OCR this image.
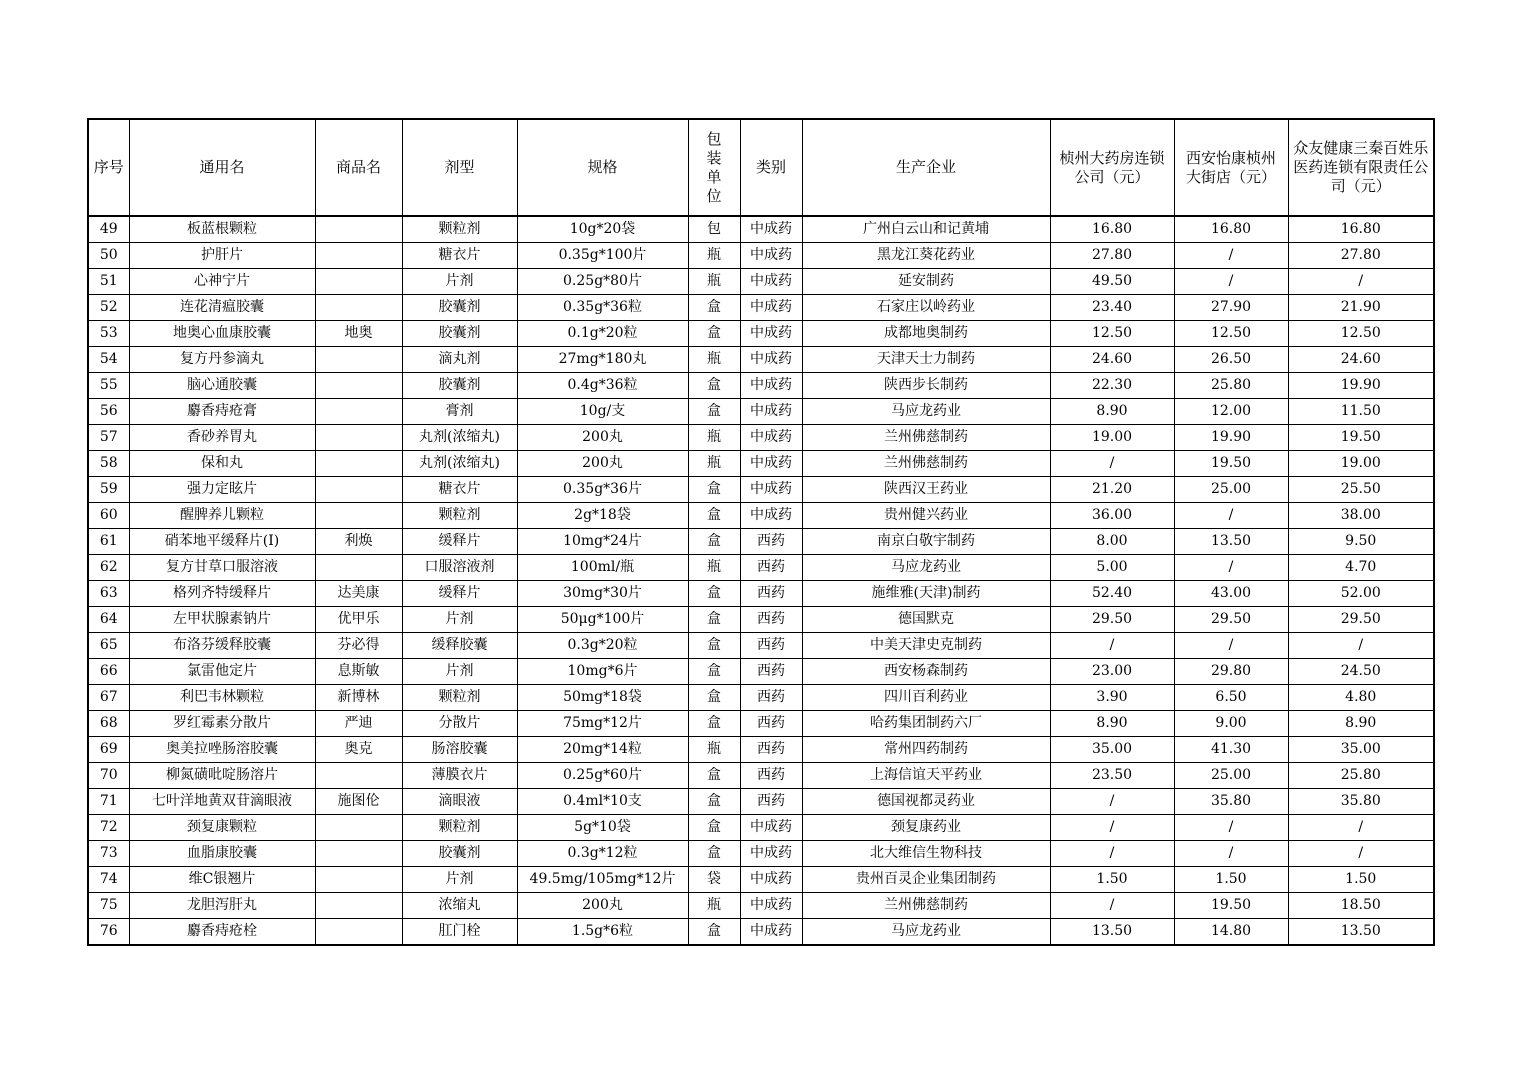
序号	通用名	商品名	剂型	规格	包装单位	类别	生产企业	桢州大药房连锁公司（元）	西安怡康桢州大街店（元）	众友健康三秦百姓乐医药连锁有限责任公司（元）
49	板蓝根颗粒		颗粒剂	10g*20袋	包	中成药	广州白云山和记黄埔	16.80	16.80	16.80
50	护肝片		糖衣片	0.35g*100片	瓶	中成药	黑龙江葵花药业	27.80	/	27.80
51	心神宁片		片剂	0.25g*80片	瓶	中成药	延安制药	49.50	/	/
52	连花清瘟胶囊		胶囊剂	0.35g*36粒	盒	中成药	石家庄以岭药业	23.40	27.90	21.90
53	地奥心血康胶囊	地奥	胶囊剂	0.1g*20粒	盒	中成药	成都地奥制药	12.50	12.50	12.50
54	复方丹参滴丸		滴丸剂	27mg*180丸	瓶	中成药	天津天士力制药	24.60	26.50	24.60
55	脑心通胶囊		胶囊剂	0.4g*36粒	盒	中成药	陕西步长制药	22.30	25.80	19.90
56	麝香痔疮膏		膏剂	10g/支	盒	中成药	马应龙药业	8.90	12.00	11.50
57	香砂养胃丸		丸剂(浓缩丸)	200丸	瓶	中成药	兰州佛慈制药	19.00	19.90	19.50
58	保和丸		丸剂(浓缩丸)	200丸	瓶	中成药	兰州佛慈制药	/	19.50	19.00
59	强力定眩片		糖衣片	0.35g*36片	盒	中成药	陕西汉王药业	21.20	25.00	25.50
60	醒脾养儿颗粒		颗粒剂	2g*18袋	盒	中成药	贵州健兴药业	36.00	/	38.00
61	硝苯地平缓释片(Ⅰ)	利焕	缓释片	10mg*24片	盒	西药	南京白敬宇制药	8.00	13.50	9.50
62	复方甘草口服溶液		口服溶液剂	100ml/瓶	瓶	西药	马应龙药业	5.00	/	4.70
63	格列齐特缓释片	达美康	缓释片	30mg*30片	盒	西药	施维雅(天津)制药	52.40	43.00	52.00
64	左甲状腺素钠片	优甲乐	片剂	50μg*100片	盒	西药	德国默克	29.50	29.50	29.50
65	布洛芬缓释胶囊	芬必得	缓释胶囊	0.3g*20粒	盒	西药	中美天津史克制药	/	/	/
66	氯雷他定片	息斯敏	片剂	10mg*6片	盒	西药	西安杨森制药	23.00	29.80	24.50
67	利巴韦林颗粒	新博林	颗粒剂	50mg*18袋	盒	西药	四川百利药业	3.90	6.50	4.80
68	罗红霉素分散片	严迪	分散片	75mg*12片	盒	西药	哈药集团制药六厂	8.90	9.00	8.90
69	奥美拉唑肠溶胶囊	奥克	肠溶胶囊	20mg*14粒	瓶	西药	常州四药制药	35.00	41.30	35.00
70	柳氮磺吡啶肠溶片		薄膜衣片	0.25g*60片	盒	西药	上海信谊天平药业	23.50	25.00	25.80
71	七叶洋地黄双苷滴眼液	施图伦	滴眼液	0.4ml*10支	盒	西药	德国视都灵药业	/	35.80	35.80
72	颈复康颗粒		颗粒剂	5g*10袋	盒	中成药	颈复康药业	/	/	/
73	血脂康胶囊		胶囊剂	0.3g*12粒	盒	中成药	北大维信生物科技	/	/	/
74	维C银翘片		片剂	49.5mg/105mg*12片	袋	中成药	贵州百灵企业集团制药	1.50	1.50	1.50
75	龙胆泻肝丸		浓缩丸	200丸	瓶	中成药	兰州佛慈制药	/	19.50	18.50
76	麝香痔疮栓		肛门栓	1.5g*6粒	盒	中成药	马应龙药业	13.50	14.80	13.50
